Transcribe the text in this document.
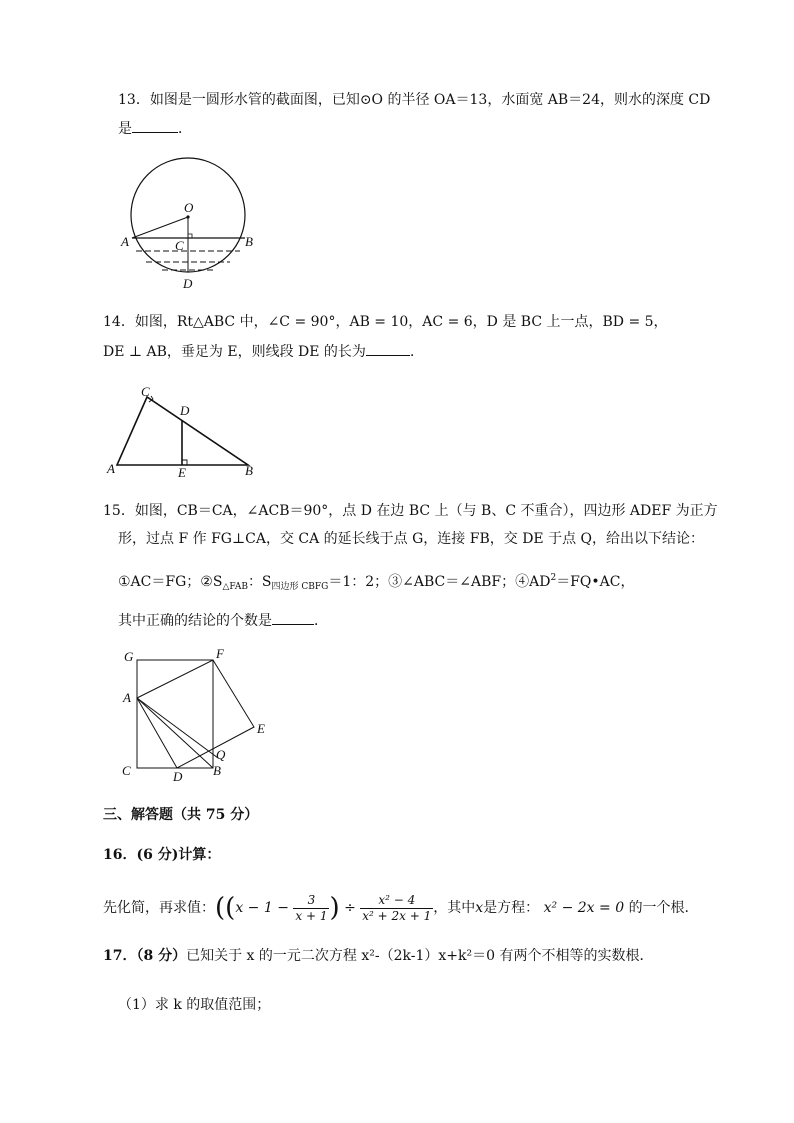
13．如图是一圆形水管的截面图，已知⊙O 的半径 OA＝13，水面宽 AB＝24，则水的深度 CD
是	．
O
A	B
C
D
14．如图，Rt△ABC 中，∠C = 90°，AB = 10，AC = 6，D 是 BC 上一点，BD = 5，
DE ⊥ AB，垂足为 E，则线段 DE 的长为	．
C
D
A	E	B
15．如图，CB＝CA，∠ACB＝90°，点 D 在边 BC 上（与 B、C 不重合），四边形 ADEF 为正方
形，过点 F 作 FG⊥CA，交 CA 的延长线于点 G，连接 FB，交 DE 于点 Q，给出以下结论：
①AC＝FG；$②S_{\triangle FAB}$：$S_{四边形 CBFG}=1$：2；③∠ABC＝∠ABF；$④AD^2=FQ•AC$，
其中正确的结论的个数是	．
G	F
A
E
Q
C	B
D
三、解答题（共 75 分）
16．(6 分)计算：
先化简，再求值：(($x - 1 - \frac{3}{x + 1}$ ) ÷ $\frac{\text{x² − 4}}{\text{x² + 2x + 1}}$ ，其中x是方程： x² − 2x = 0 的一个根.
17．（8 分）已知关于 x 的一元二次方程 x²-（2k-1）x+k²＝0 有两个不相等的实数根．
（1）求 k 的取值范围；
